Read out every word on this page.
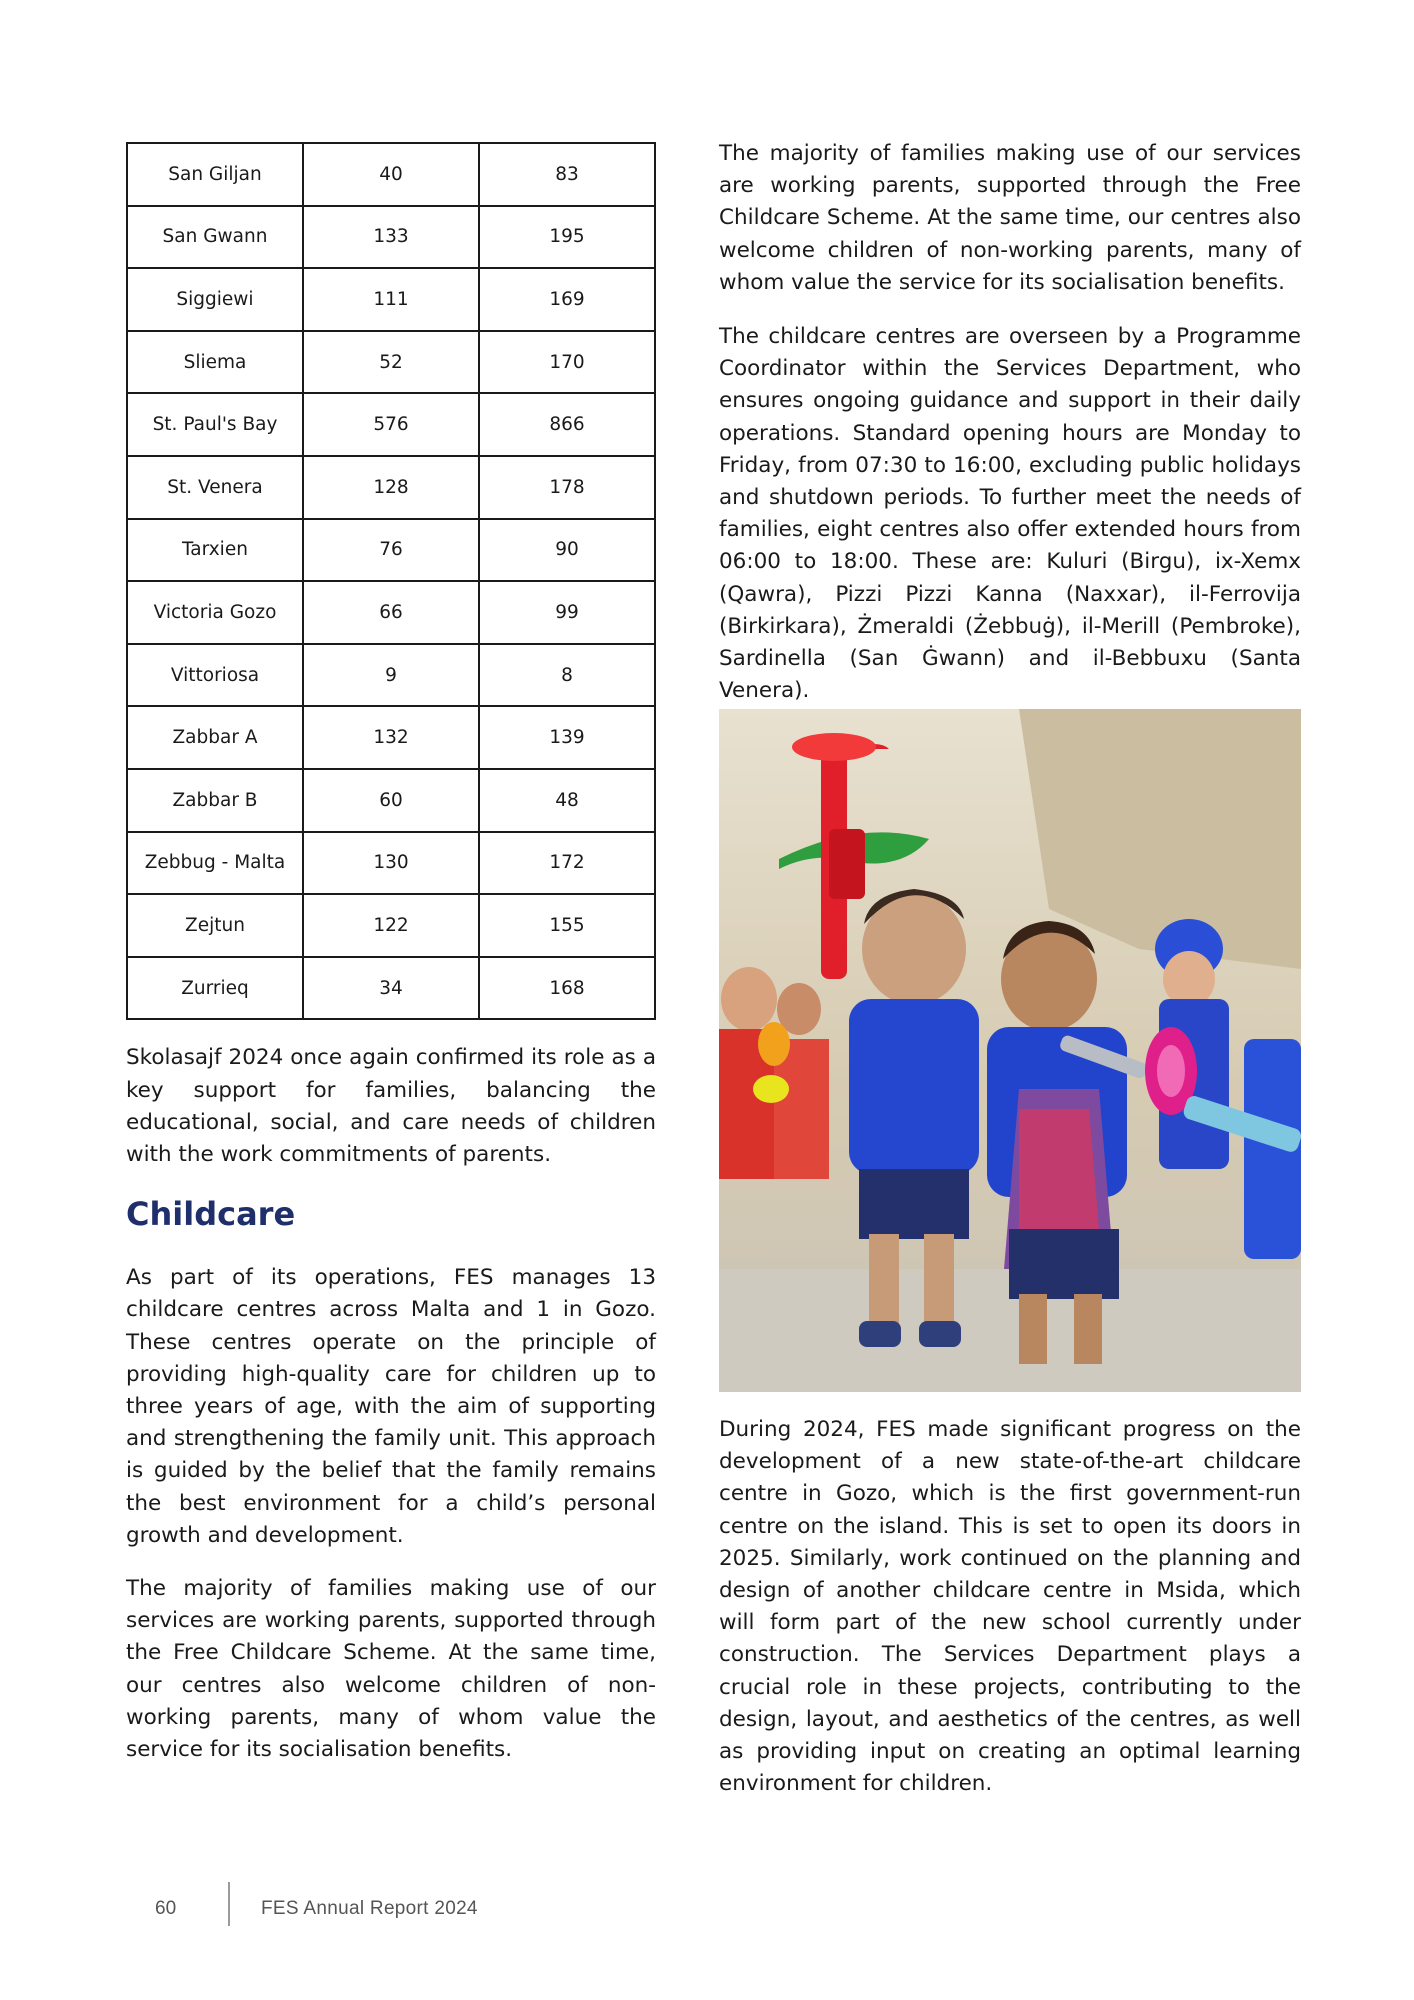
San Giljan	40	83
San Gwann	133	195
Siggiewi	111	169
Sliema	52	170
St. Paul's Bay	576	866
St. Venera	128	178
Tarxien	76	90
Victoria Gozo	66	99
Vittoriosa	9	8
Zabbar A	132	139
Zabbar B	60	48
Zebbug - Malta	130	172
Zejtun	122	155
Zurrieq	34	168

Skolasajf 2024 once again confirmed its role as a key support for families, balancing the educational, social, and care needs of children with the work commitments of parents.

Childcare

As part of its operations, FES manages 13 childcare centres across Malta and 1 in Gozo. These centres operate on the principle of providing high-quality care for children up to three years of age, with the aim of supporting and strengthening the family unit. This approach is guided by the belief that the family remains the best environment for a child’s personal growth and development.

The majority of families making use of our services are working parents, supported through the Free Childcare Scheme. At the same time, our centres also welcome children of non-working parents, many of whom value the service for its socialisation benefits.

The majority of families making use of our services are working parents, supported through the Free Childcare Scheme. At the same time, our centres also welcome children of non-working parents, many of whom value the service for its socialisation benefits.

The childcare centres are overseen by a Programme Coordinator within the Services Department, who ensures ongoing guidance and support in their daily operations. Standard opening hours are Monday to Friday, from 07:30 to 16:00, excluding public holidays and shutdown periods. To further meet the needs of families, eight centres also offer extended hours from 06:00 to 18:00. These are: Kuluri (Birgu), ix-Xemx (Qawra), Pizzi Pizzi Kanna (Naxxar), il-Ferrovija (Birkirkara), Żmeraldi (Żebbuġ), il-Merill (Pembroke), Sardinella (San Ġwann) and il-Bebbuxu (Santa Venera).

During 2024, FES made significant progress on the development of a new state-of-the-art childcare centre in Gozo, which is the first government-run centre on the island. This is set to open its doors in 2025. Similarly, work continued on the planning and design of another childcare centre in Msida, which will form part of the new school currently under construction. The Services Department plays a crucial role in these projects, contributing to the design, layout, and aesthetics of the centres, as well as providing input on creating an optimal learning environment for children.

60	FES Annual Report 2024
